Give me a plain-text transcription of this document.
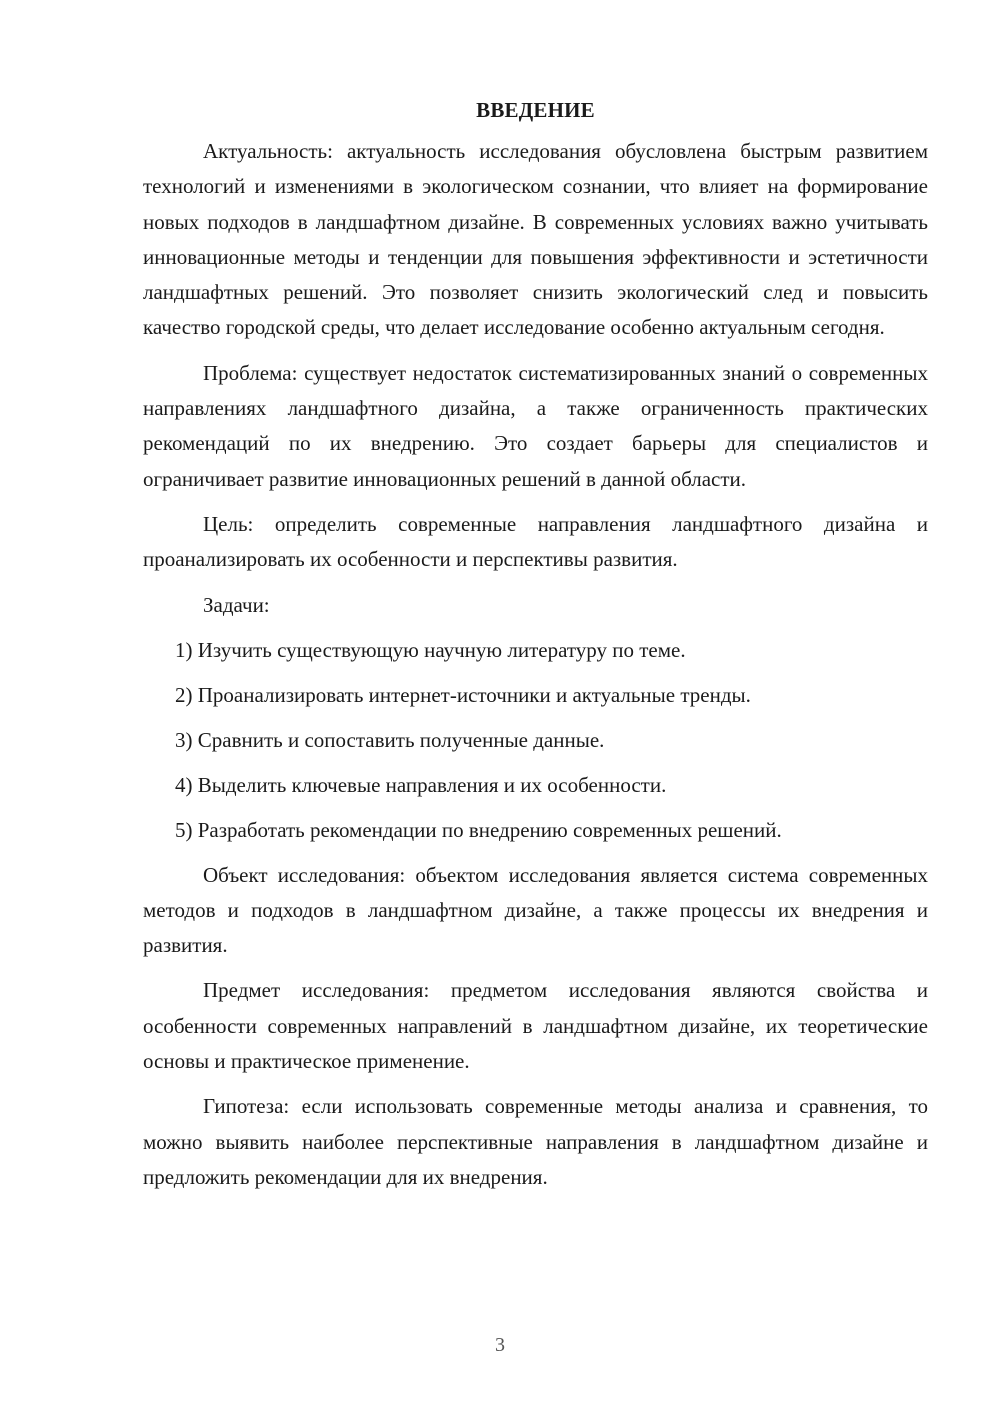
ВВЕДЕНИЕ

Актуальность: актуальность исследования обусловлена быстрым развитием технологий и изменениями в экологическом сознании, что влияет на формирование новых подходов в ландшафтном дизайне. В современных условиях важно учитывать инновационные методы и тенденции для повышения эффективности и эстетичности ландшафтных решений. Это позволяет снизить экологический след и повысить качество городской среды, что делает исследование особенно актуальным сегодня.

Проблема: существует недостаток систематизированных знаний о современных направлениях ландшафтного дизайна, а также ограниченность практических рекомендаций по их внедрению. Это создает барьеры для специалистов и ограничивает развитие инновационных решений в данной области.

Цель: определить современные направления ландшафтного дизайна и проанализировать их особенности и перспективы развития.

Задачи:

1) Изучить существующую научную литературу по теме.
2) Проанализировать интернет-источники и актуальные тренды.
3) Сравнить и сопоставить полученные данные.
4) Выделить ключевые направления и их особенности.
5) Разработать рекомендации по внедрению современных решений.

Объект исследования: объектом исследования является система современных методов и подходов в ландшафтном дизайне, а также процессы их внедрения и развития.

Предмет исследования: предметом исследования являются свойства и особенности современных направлений в ландшафтном дизайне, их теоретические основы и практическое применение.

Гипотеза: если использовать современные методы анализа и сравнения, то можно выявить наиболее перспективные направления в ландшафтном дизайне и предложить рекомендации для их внедрения.

3
